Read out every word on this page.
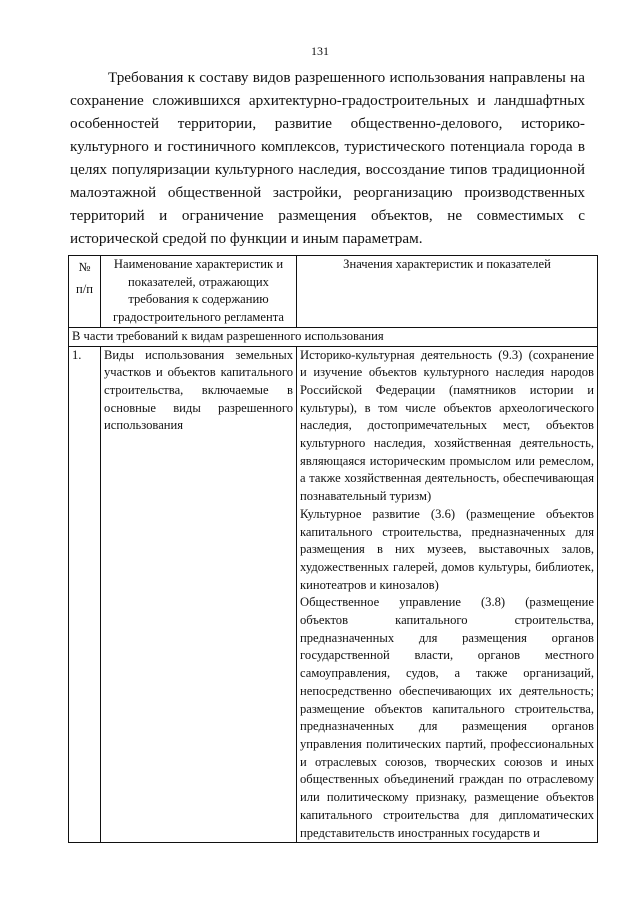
131

Требования к составу видов разрешенного использования направлены на сохранение сложившихся архитектурно-градостроительных и ландшафтных особенностей территории, развитие общественно-делового, историко-культурного и гостиничного комплексов, туристического потенциала города в целях популяризации культурного наследия, воссоздание типов традиционной малоэтажной общественной застройки, реорганизацию производственных территорий и ограничение размещения объектов, не совместимых с исторической средой по функции и иным параметрам.

№
п/п	Наименование характеристик и показателей, отражающих требования к содержанию градостроительного регламента	Значения характеристик и показателей
В части требований к видам разрешенного использования		
1.	Виды использования земельных участков и объектов капитального строительства, включаемые в основные виды разрешенного использования	Историко-культурная деятельность (9.3) (сохранение и изучение объектов культурного наследия народов Российской Федерации (памятников истории и культуры), в том числе объектов археологического наследия, достопримечательных мест, объектов культурного наследия, хозяйственная деятельность, являющаяся историческим промыслом или ремеслом, а также хозяйственная деятельность, обеспечивающая познавательный туризм)

Культурное развитие (3.6) (размещение объектов капитального строительства, предназначенных для размещения в них музеев, выставочных залов, художественных галерей, домов культуры, библиотек, кинотеатров и кинозалов)

Общественное управление (3.8) (размещение объектов капитального строительства, предназначенных для размещения органов государственной власти, органов местного самоуправления, судов, а также организаций, непосредственно обеспечивающих их деятельность; размещение объектов капитального строительства, предназначенных для размещения органов управления политических партий, профессиональных и отраслевых союзов, творческих союзов и иных общественных объединений граждан по отраслевому или политическому признаку, размещение объектов капитального строительства для дипломатических представительств иностранных государств и
